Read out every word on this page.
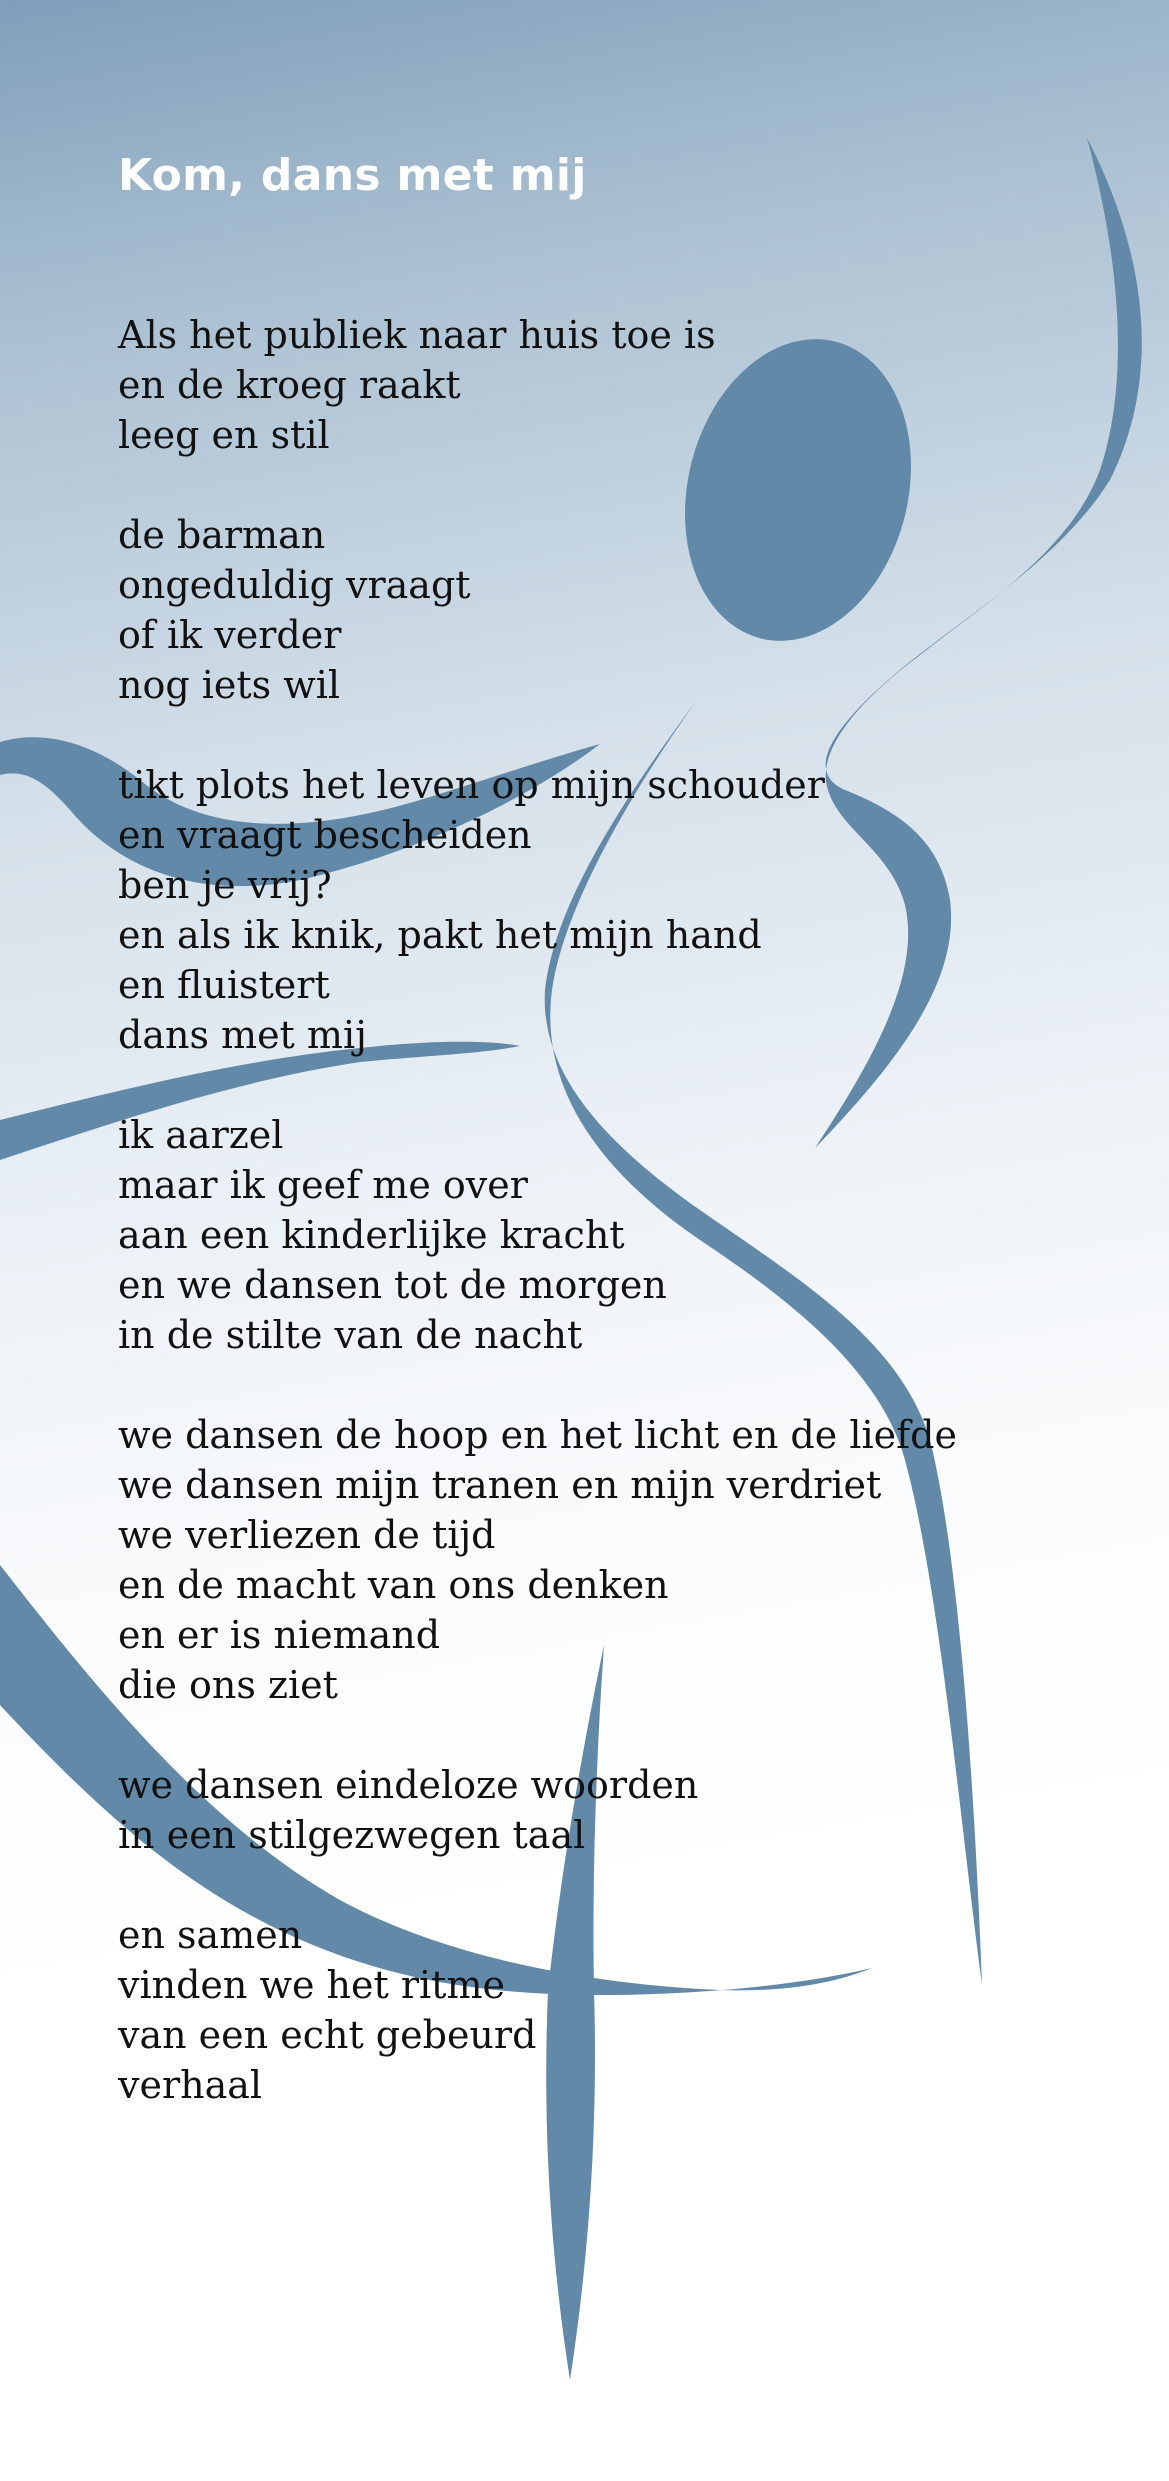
Kom, dans met mij

Als het publiek naar huis toe is
en de kroeg raakt
leeg en stil

de barman
ongeduldig vraagt
of ik verder
nog iets wil

tikt plots het leven op mijn schouder
en vraagt bescheiden
ben je vrij?
en als ik knik, pakt het mijn hand
en fluistert
dans met mij

ik aarzel
maar ik geef me over
aan een kinderlijke kracht
en we dansen tot de morgen
in de stilte van de nacht

we dansen de hoop en het licht en de liefde
we dansen mijn tranen en mijn verdriet
we verliezen de tijd
en de macht van ons denken
en er is niemand
die ons ziet

we dansen eindeloze woorden
in een stilgezwegen taal

en samen
vinden we het ritme
van een echt gebeurd
verhaal
